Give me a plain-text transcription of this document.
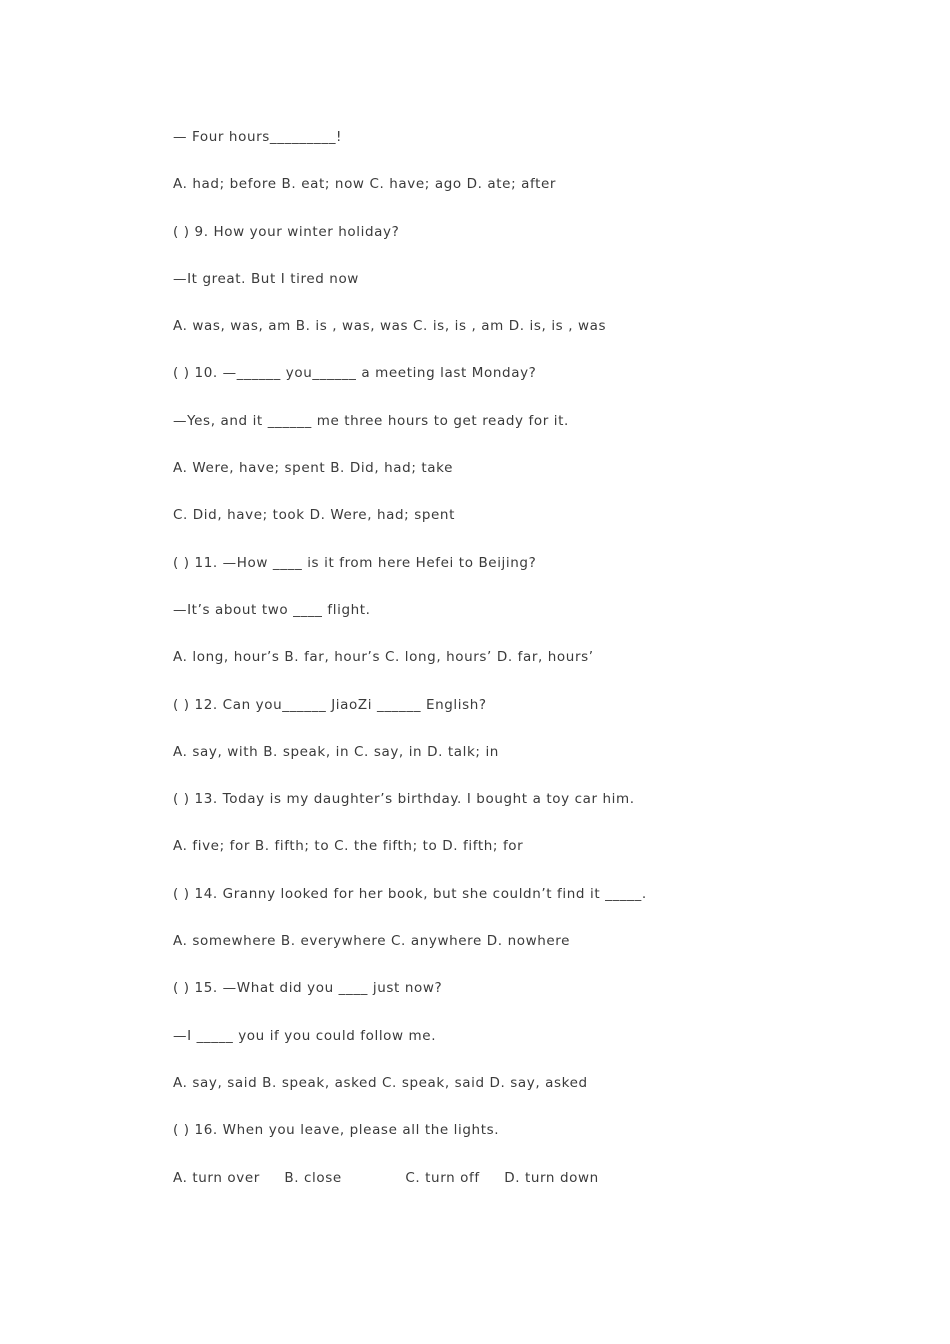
— Four hours_________!
A. had; before B. eat; now C. have; ago D. ate; after
( ) 9. How your winter holiday?
—It great. But I tired now
A. was, was, am B. is , was, was C. is, is , am D. is, is , was
( ) 10. —______ you______ a meeting last Monday?
—Yes, and it ______ me three hours to get ready for it.
A. Were, have; spent B. Did, had; take
C. Did, have; took D. Were, had; spent
( ) 11. —How ____ is it from here Hefei to Beijing?
—It’s about two ____ flight.
A. long, hour’s B. far, hour’s C. long, hours’ D. far, hours’
( ) 12. Can you______ JiaoZi ______ English?
A. say, with B. speak, in C. say, in D. talk; in
( ) 13. Today is my daughter’s birthday. I bought a toy car him.
A. five; for B. fifth; to C. the fifth; to D. fifth; for
( ) 14. Granny looked for her book, but she couldn’t find it _____.
A. somewhere B. everywhere C. anywhere D. nowhere
( ) 15. —What did you ____ just now?
—I _____ you if you could follow me.
A. say, said B. speak, asked C. speak, said D. say, asked
( ) 16. When you leave, please all the lights.
A. turn over     B. close             C. turn off     D. turn down
